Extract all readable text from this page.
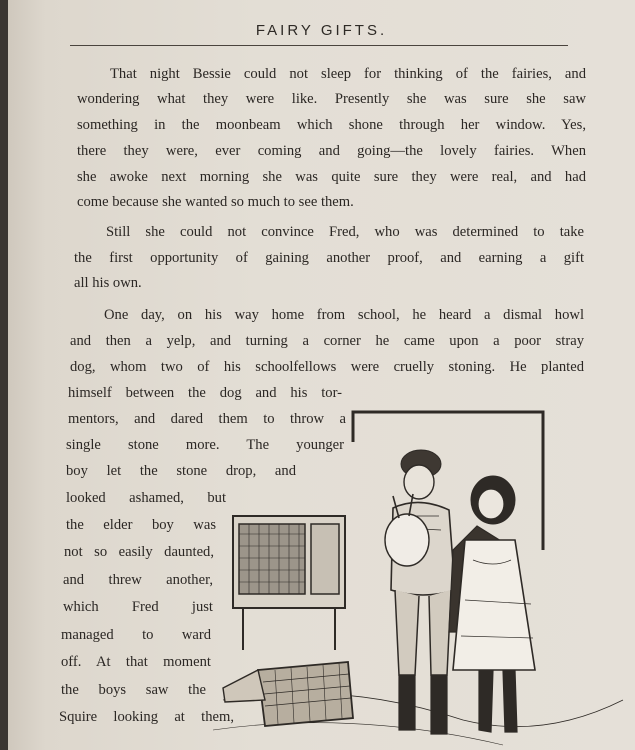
FAIRY GIFTS.
That night Bessie could not sleep for thinking of the fairies, and
wondering what they were like. Presently she was sure she saw
something in the moonbeam which shone through her window. Yes,
there they were, ever coming and going—the lovely fairies. When
she awoke next morning she was quite sure they were real, and had
come because she wanted so much to see them.
Still she could not convince Fred, who was determined to take
the first opportunity of gaining another proof, and earning a gift
all his own.
One day, on his way home from school, he heard a dismal howl
and then a yelp, and turning a corner he came upon a poor stray
dog, whom two of his schoolfellows were cruelly stoning. He planted
himself between the dog and his tor-
mentors, and dared them to throw a
single stone more. The younger
boy let the stone drop, and
looked ashamed, but
the elder boy was
not so easily daunted,
and threw another,
which Fred just
managed to ward
off. At that moment
the boys saw the
Squire looking at them,
